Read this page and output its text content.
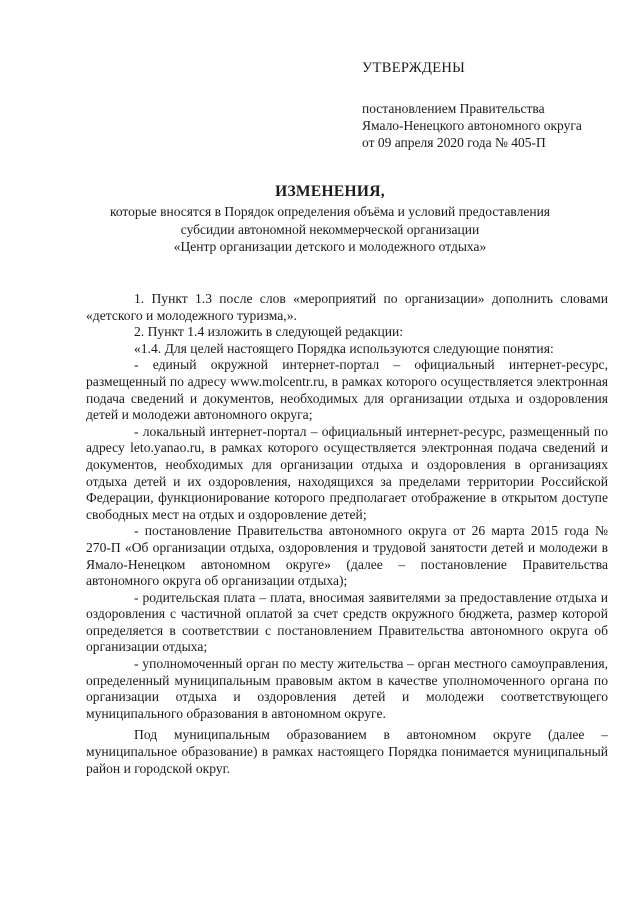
УТВЕРЖДЕНЫ
постановлением Правительства
Ямало-Ненецкого автономного округа
от 09 апреля 2020 года № 405-П
ИЗМЕНЕНИЯ,
которые вносятся в Порядок определения объёма и условий предоставления
субсидии автономной некоммерческой организации
«Центр организации детского и молодежного отдыха»

1. Пункт 1.3 после слов «мероприятий по организации» дополнить словами «детского и молодежного туризма,».

2. Пункт 1.4 изложить в следующей редакции:

«1.4. Для целей настоящего Порядка используются следующие понятия:

- единый окружной интернет-портал – официальный интернет-ресурс, размещенный по адресу www.molcentr.ru, в рамках которого осуществляется электронная подача сведений и документов, необходимых для организации отдыха и оздоровления детей и молодежи автономного округа;

- локальный интернет-портал – официальный интернет-ресурс, размещенный по адресу leto.yanao.ru, в рамках которого осуществляется электронная подача сведений и документов, необходимых для организации отдыха и оздоровления в организациях отдыха детей и их оздоровления, находящихся за пределами территории Российской Федерации, функционирование которого предполагает отображение в открытом доступе свободных мест на отдых и оздоровление детей;

- постановление Правительства автономного округа от 26 марта 2015 года № 270-П «Об организации отдыха, оздоровления и трудовой занятости детей и молодежи в Ямало-Ненецком автономном округе» (далее – постановление Правительства автономного округа об организации отдыха);

- родительская плата – плата, вносимая заявителями за предоставление отдыха и оздоровления с частичной оплатой за счет средств окружного бюджета, размер которой определяется в соответствии с постановлением Правительства автономного округа об организации отдыха;

- уполномоченный орган по месту жительства – орган местного самоуправления, определенный муниципальным правовым актом в качестве уполномоченного органа по организации отдыха и оздоровления детей и молодежи соответствующего муниципального образования в автономном округе.

Под муниципальным образованием в автономном округе (далее – муниципальное образование) в рамках настоящего Порядка понимается муниципальный район и городской округ.
